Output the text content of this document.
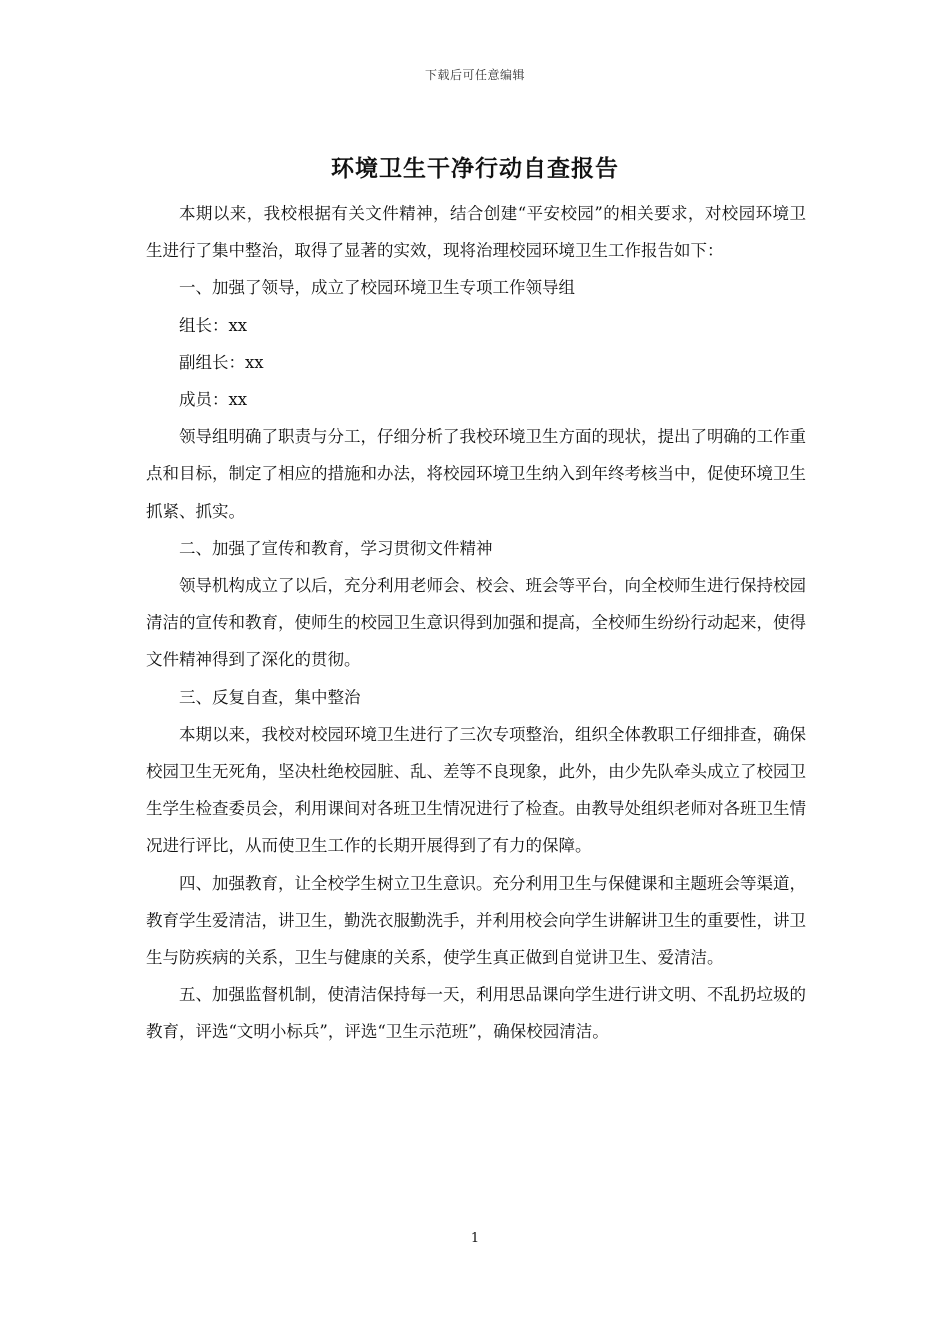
下载后可任意编辑
环境卫生干净行动自查报告

本期以来，我校根据有关文件精神，结合创建“平安校园”的相关要求，对校园环境卫生进行了集中整治，取得了显著的实效，现将治理校园环境卫生工作报告如下：

一、加强了领导，成立了校园环境卫生专项工作领导组

组长：xx

副组长：xx

成员：xx

领导组明确了职责与分工，仔细分析了我校环境卫生方面的现状，提出了明确的工作重点和目标，制定了相应的措施和办法，将校园环境卫生纳入到年终考核当中，促使环境卫生抓紧、抓实。

二、加强了宣传和教育，学习贯彻文件精神

领导机构成立了以后，充分利用老师会、校会、班会等平台，向全校师生进行保持校园清洁的宣传和教育，使师生的校园卫生意识得到加强和提高，全校师生纷纷行动起来，使得文件精神得到了深化的贯彻。

三、反复自查，集中整治

本期以来，我校对校园环境卫生进行了三次专项整治，组织全体教职工仔细排查，确保校园卫生无死角，坚决杜绝校园脏、乱、差等不良现象，此外，由少先队牵头成立了校园卫生学生检查委员会，利用课间对各班卫生情况进行了检查。由教导处组织老师对各班卫生情况进行评比，从而使卫生工作的长期开展得到了有力的保障。

四、加强教育，让全校学生树立卫生意识。充分利用卫生与保健课和主题班会等渠道，教育学生爱清洁，讲卫生，勤洗衣服勤洗手，并利用校会向学生讲解讲卫生的重要性，讲卫生与防疾病的关系，卫生与健康的关系，使学生真正做到自觉讲卫生、爱清洁。

五、加强监督机制，使清洁保持每一天，利用思品课向学生进行讲文明、不乱扔垃圾的教育，评选“文明小标兵”，评选“卫生示范班”，确保校园清洁。

1
